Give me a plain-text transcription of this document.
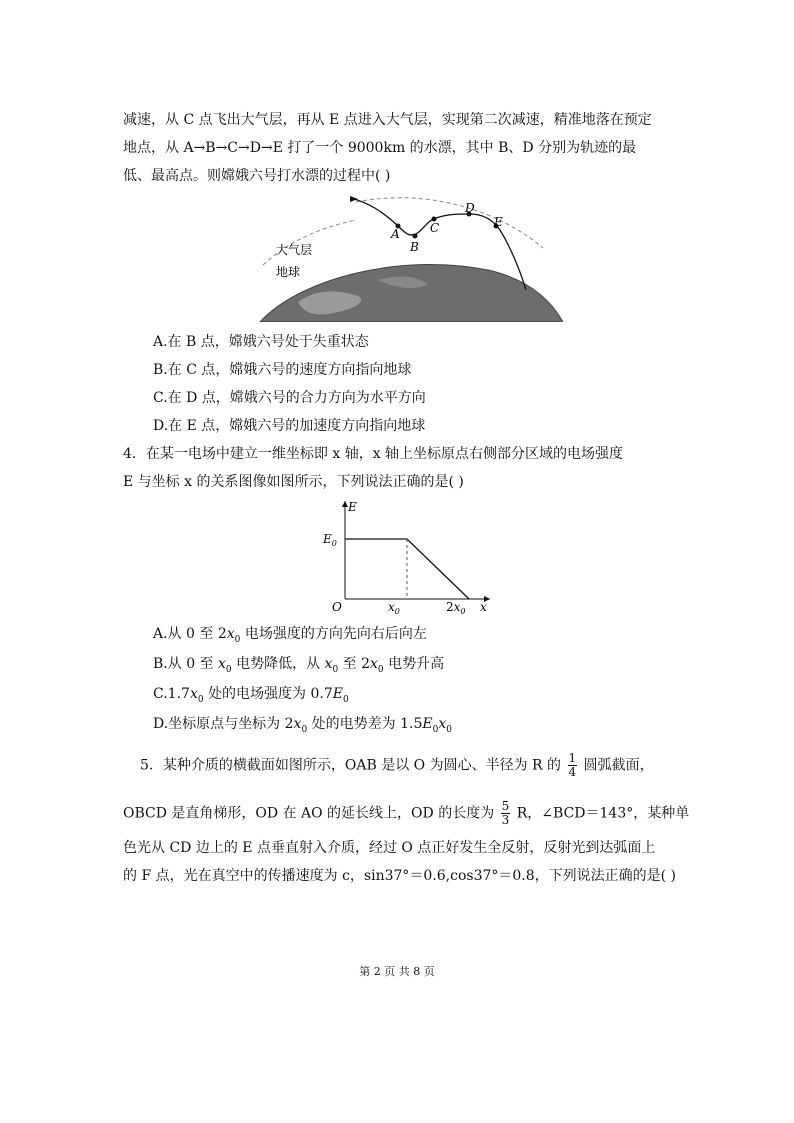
减速，从 C 点飞出大气层，再从 E 点进入大气层，实现第二次减速，精准地落在预定
地点，从 A→B→C→D→E 打了一个 9000km 的水漂，其中 B、D 分别为轨迹的最
低、最高点。则嫦娥六号打水漂的过程中( )
A
B
C
D
E
大气层
地球
A.在 B 点，嫦娥六号处于失重状态
B.在 C 点，嫦娥六号的速度方向指向地球
C.在 D 点，嫦娥六号的合力方向为水平方向
D.在 E 点，嫦娥六号的加速度方向指向地球
4．在某一电场中建立一维坐标即 x 轴，x 轴上坐标原点右侧部分区域的电场强度
E 与坐标 x 的关系图像如图所示，下列说法正确的是( )
E
x
O
$E_0$
$x_0$	$2x_0$
A.从 0 至 $2x_0$ 电场强度的方向先向右后向左
B.从 0 至 $x_0$ 电势降低，从 $x_0$ 至 $2x_0$ 电势升高
$C.1.7x_0$ 处的电场强度为 $0.7E_0$
D.坐标原点与坐标为 $2x_0$ 处的电势差为 $1.5E_0x_0$
5．某种介质的横截面如图所示，OAB 是以 O 为圆心、半径为 R 的 $\frac{1}{4}$ 圆弧截面，
OBCD 是直角梯形，OD 在 AO 的延长线上，OD 的长度为 $\frac{5}{3}$ R，∠BCD＝143°，某种单
色光从 CD 边上的 E 点垂直射入介质，经过 O 点正好发生全反射，反射光到达弧面上
的 F 点，光在真空中的传播速度为 c，sin37°＝0.6,cos37°＝0.8，下列说法正确的是( )
第 2 页 共 8 页
